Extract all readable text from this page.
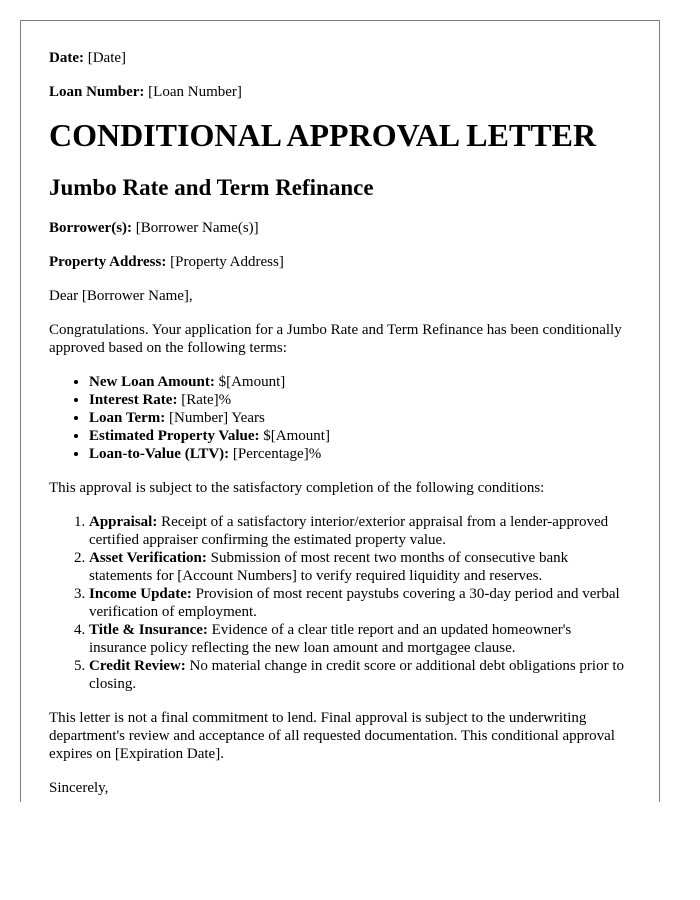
Date: [Date]

Loan Number: [Loan Number]

CONDITIONAL APPROVAL LETTER
Jumbo Rate and Term Refinance

Borrower(s): [Borrower Name(s)]

Property Address: [Property Address]

Dear [Borrower Name],

Congratulations. Your application for a Jumbo Rate and Term Refinance has been conditionally approved based on the following terms:

• New Loan Amount: $[Amount]
• Interest Rate: [Rate]%
• Loan Term: [Number] Years
• Estimated Property Value: $[Amount]
• Loan-to-Value (LTV): [Percentage]%

This approval is subject to the satisfactory completion of the following conditions:

1. Appraisal: Receipt of a satisfactory interior/exterior appraisal from a lender-approved certified appraiser confirming the estimated property value.
2. Asset Verification: Submission of most recent two months of consecutive bank statements for [Account Numbers] to verify required liquidity and reserves.
3. Income Update: Provision of most recent paystubs covering a 30-day period and verbal verification of employment.
4. Title & Insurance: Evidence of a clear title report and an updated homeowner's insurance policy reflecting the new loan amount and mortgagee clause.
5. Credit Review: No material change in credit score or additional debt obligations prior to closing.

This letter is not a final commitment to lend. Final approval is subject to the underwriting department's review and acceptance of all requested documentation. This conditional approval expires on [Expiration Date].

Sincerely,
